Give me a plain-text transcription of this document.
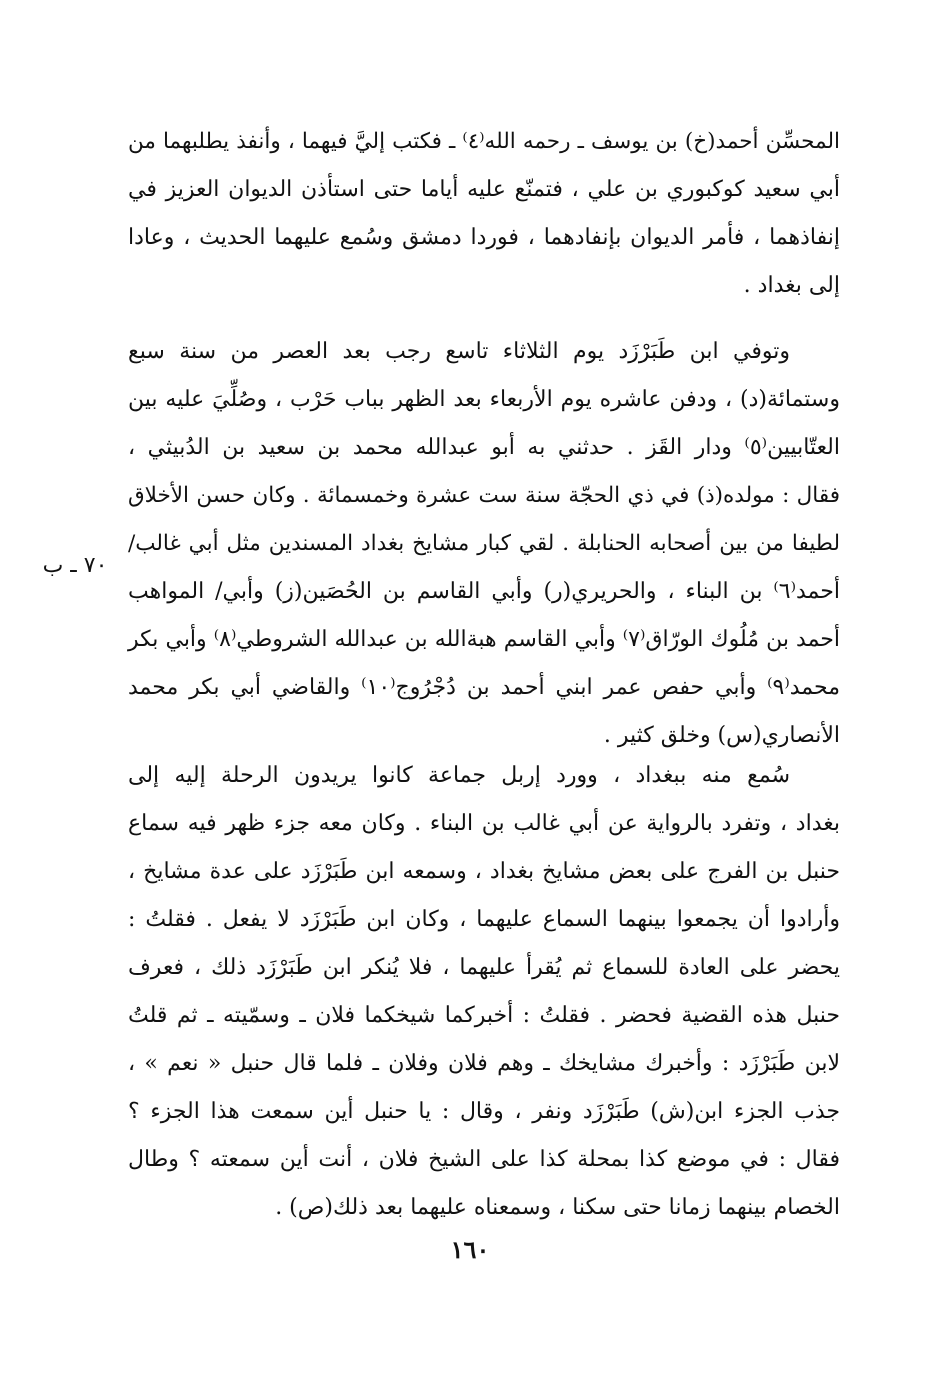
المحسِّن أحمد(خ) بن يوسف ـ رحمه الله⁽٤⁾ ـ فكتب إليَّ فيهما ، وأنفذ يطلبهما من
أبي سعيد كوكبوري بن علي ، فتمنّع عليه أياما حتى استأذن الديوان العزيز في
إنفاذهما ، فأمر الديوان بإنفادهما ، فوردا دمشق وسُمع عليهما الحديث ، وعادا
إلى بغداد .
وتوفي ابن طَبَرْزَد يوم الثلاثاء تاسع رجب بعد العصر من سنة سبع
وستمائة(د) ، ودفن عاشره يوم الأربعاء بعد الظهر بباب حَرْب ، وصُلِّيَ عليه بين
العتّابيين⁽٥⁾ ودار القَز . حدثني به أبو عبدالله محمد بن سعيد بن الدُبيثي ،
فقال : مولده(ذ) في ذي الحجّة سنة ست عشرة وخمسمائة . وكان حسن الأخلاق
لطيفا من بين أصحابه الحنابلة . لقي كبار مشايخ بغداد المسندين مثل أبي غالب/
أحمد⁽٦⁾ بن البناء ، والحريري(ر) وأبي القاسم بن الحُصَين(ز) وأبي/ المواهب
أحمد بن مُلُوك الورّاق⁽٧⁾ وأبي القاسم هبةالله بن عبدالله الشروطي⁽٨⁾ وأبي بكر
محمد⁽٩⁾ وأبي حفص عمر ابني أحمد بن دُجْرُوج⁽١٠⁾ والقاضي أبي بكر محمد
الأنصاري(س) وخلق كثير .
سُمع منه ببغداد ، وورد إربل جماعة كانوا يريدون الرحلة إليه إلى
بغداد ، وتفرد بالرواية عن أبي غالب بن البناء . وكان معه جزء ظهر فيه سماع
حنبل بن الفرج على بعض مشايخ بغداد ، وسمعه ابن طَبَرْزَد على عدة مشايخ ،
وأرادوا أن يجمعوا بينهما السماع عليهما ، وكان ابن طَبَرْزَد لا يفعل . فقلتُ :
يحضر على العادة للسماع ثم يُقرأ عليهما ، فلا يُنكر ابن طَبَرْزَد ذلك ، فعرف
حنبل هذه القضية فحضر . فقلتُ : أخبركما شيخكما فلان ـ وسمّيته ـ ثم قلتُ
لابن طَبَرْزَد : وأخبرك مشايخك ـ وهم فلان وفلان ـ فلما قال حنبل « نعم » ،
جذب الجزء ابن(ش) طَبَرْزَد ونفر ، وقال : يا حنبل أين سمعت هذا الجزء ؟
فقال : في موضع كذا بمحلة كذا على الشيخ فلان ، أنت أين سمعته ؟ وطال
الخصام بينهما زمانا حتى سكنا ، وسمعناه عليهما بعد ذلك(ص) .
٧٠ ـ ب
١٦٠
